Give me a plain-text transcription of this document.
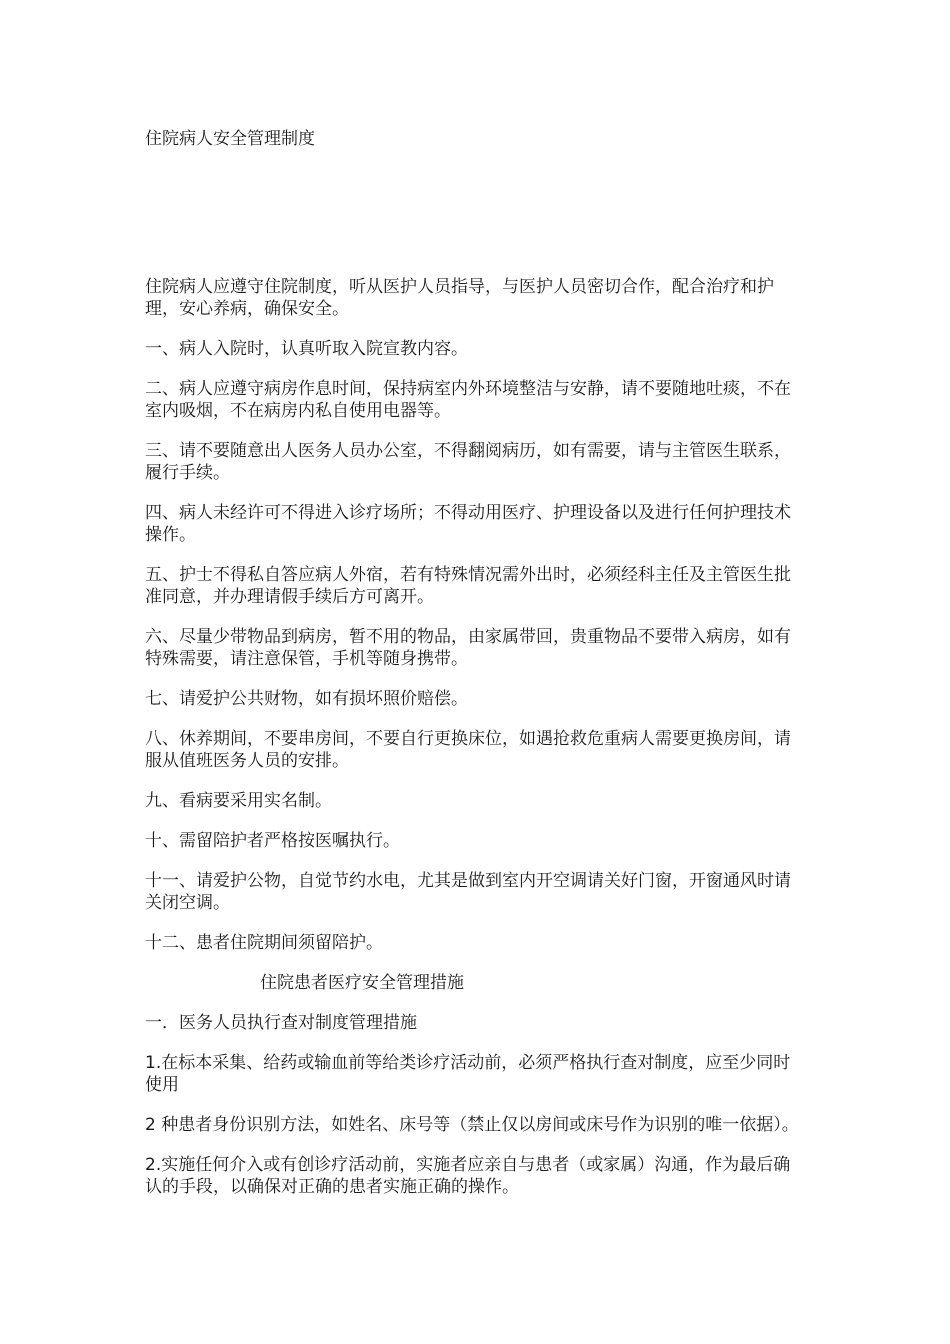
住院病人安全管理制度

住院病人应遵守住院制度，听从医护人员指导，与医护人员密切合作，配合治疗和护理，安心养病，确保安全。

一、病人入院时，认真听取入院宣教内容。

二、病人应遵守病房作息时间，保持病室内外环境整洁与安静，请不要随地吐痰，不在室内吸烟，不在病房内私自使用电器等。

三、请不要随意出人医务人员办公室，不得翻阅病历，如有需要，请与主管医生联系，履行手续。

四、病人未经许可不得进入诊疗场所；不得动用医疗、护理设备以及进行任何护理技术操作。

五、护士不得私自答应病人外宿，若有特殊情况需外出时，必须经科主任及主管医生批准同意，并办理请假手续后方可离开。

六、尽量少带物品到病房，暂不用的物品，由家属带回，贵重物品不要带入病房，如有特殊需要，请注意保管，手机等随身携带。

七、请爱护公共财物，如有损坏照价赔偿。

八、休养期间，不要串房间，不要自行更换床位，如遇抢救危重病人需要更换房间，请服从值班医务人员的安排。

九、看病要采用实名制。

十、需留陪护者严格按医嘱执行。

十一、请爱护公物，自觉节约水电，尤其是做到室内开空调请关好门窗，开窗通风时请关闭空调。

十二、患者住院期间须留陪护。

住院患者医疗安全管理措施

一．医务人员执行查对制度管理措施

1.在标本采集、给药或输血前等给类诊疗活动前，必须严格执行查对制度，应至少同时使用

2 种患者身份识别方法，如姓名、床号等（禁止仅以房间或床号作为识别的唯一依据）。

2.实施任何介入或有创诊疗活动前，实施者应亲自与患者（或家属）沟通，作为最后确认的手段，以确保对正确的患者实施正确的操作。
